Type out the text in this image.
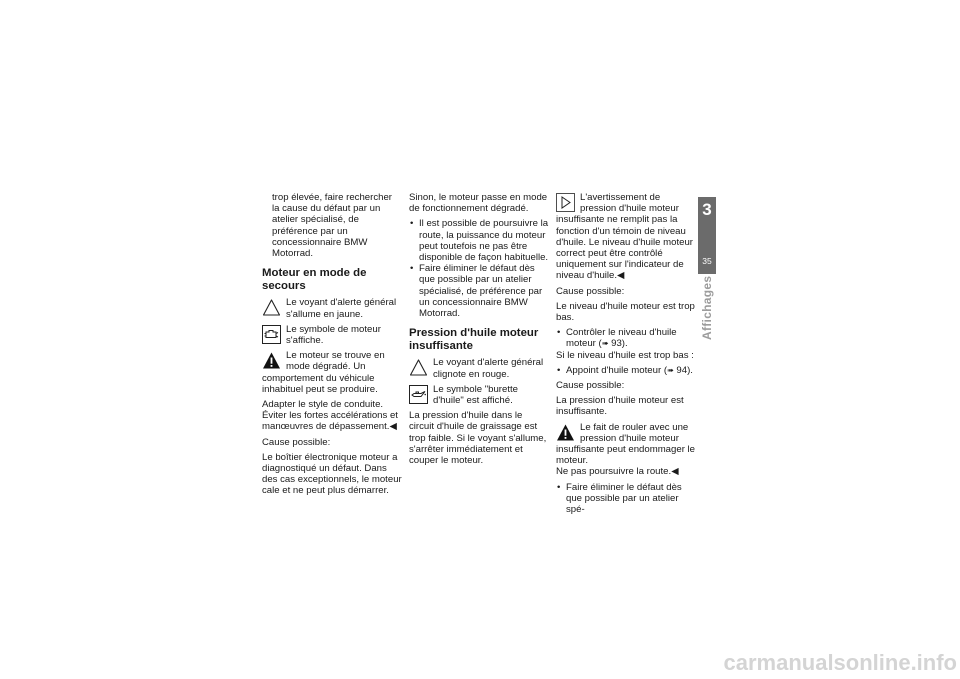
trop élevée, faire rechercher la cause du défaut par un atelier spécialisé, de préférence par un concessionnaire BMW Motorrad.

Moteur en mode de secours
Le voyant d'alerte général s'allume en jaune.
Le symbole de moteur s'affiche.
Le moteur se trouve en mode dégradé. Un comportement du véhicule inhabituel peut se produire.

Adapter le style de conduite. Éviter les fortes accélérations et manœuvres de dépassement.◀

Cause possible:

Le boîtier électronique moteur a diagnostiqué un défaut. Dans des cas exceptionnels, le moteur cale et ne peut plus démarrer.

Sinon, le moteur passe en mode de fonctionnement dégradé.

• Il est possible de poursuivre la route, la puissance du moteur peut toutefois ne pas être disponible de façon habituelle.
• Faire éliminer le défaut dès que possible par un atelier spécialisé, de préférence par un concessionnaire BMW Motorrad.
Pression d'huile moteur insuffisante
Le voyant d'alerte général clignote en rouge.
Le symbole "burette d'huile" est affiché.

La pression d'huile dans le circuit d'huile de graissage est trop faible. Si le voyant s'allume, s'arrêter immédiatement et couper le moteur.

L'avertissement de pression d'huile moteur insuffisante ne remplit pas la fonction d'un témoin de niveau d'huile. Le niveau d'huile moteur correct peut être contrôlé uniquement sur l'indicateur de niveau d'huile.◀

Cause possible:

Le niveau d'huile moteur est trop bas.

• Contrôler le niveau d'huile moteur (➠ 93).

Si le niveau d'huile est trop bas :

• Appoint d'huile moteur (➠ 94).

Cause possible:

La pression d'huile moteur est insuffisante.

Le fait de rouler avec une pression d'huile moteur insuffisante peut endommager le moteur.

Ne pas poursuivre la route.◀

• Faire éliminer le défaut dès que possible par un atelier spé-
3
35
Affichages
carmanualsonline.info
